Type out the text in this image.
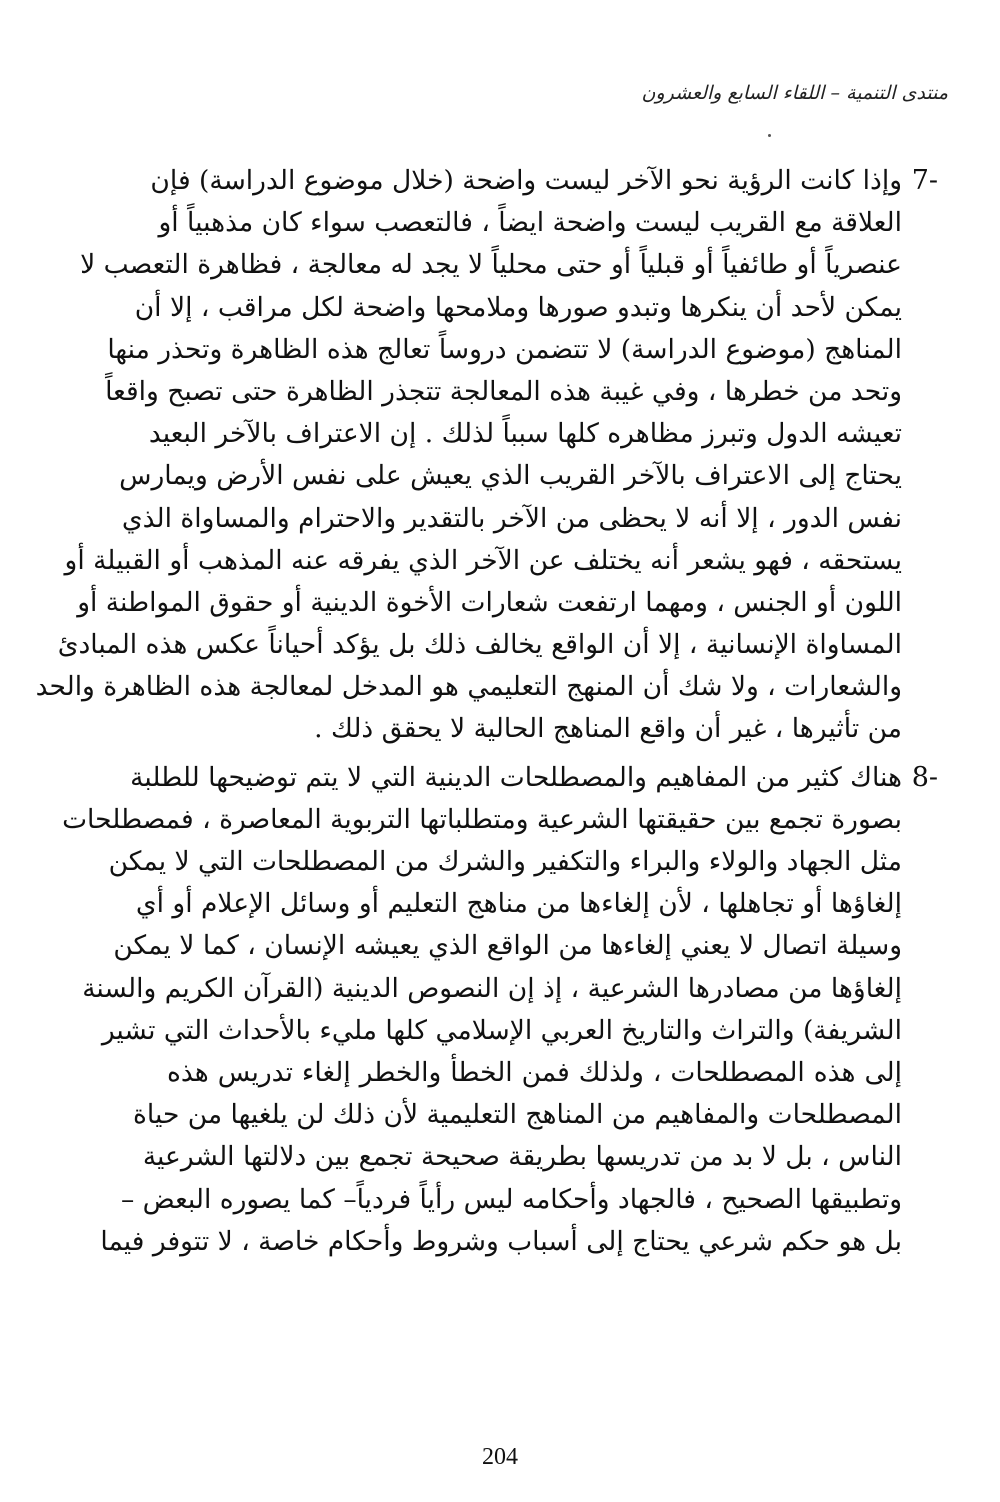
منتدى التنمية – اللقاء السابع والعشرون
7-
وإذا كانت الرؤية نحو الآخر ليست واضحة (خلال موضوع الدراسة) فإن
العلاقة مع القريب ليست واضحة ايضاً ، فالتعصب سواء كان مذهبياً أو
عنصرياً أو طائفياً أو قبلياً أو حتى محلياً لا يجد له معالجة ، فظاهرة التعصب لا
يمكن لأحد أن ينكرها وتبدو صورها وملامحها واضحة لكل مراقب ، إلا أن
المناهج (موضوع الدراسة) لا تتضمن دروساً تعالج هذه الظاهرة وتحذر منها
وتحد من خطرها ، وفي غيبة هذه المعالجة تتجذر الظاهرة حتى تصبح واقعاً
تعيشه الدول وتبرز مظاهره كلها سبباً لذلك . إن الاعتراف بالآخر البعيد
يحتاج إلى الاعتراف بالآخر القريب الذي يعيش على نفس الأرض ويمارس
نفس الدور ، إلا أنه لا يحظى من الآخر بالتقدير والاحترام والمساواة الذي
يستحقه ، فهو يشعر أنه يختلف عن الآخر الذي يفرقه عنه المذهب أو القبيلة أو
اللون أو الجنس ، ومهما ارتفعت شعارات الأخوة الدينية أو حقوق المواطنة أو
المساواة الإنسانية ، إلا أن الواقع يخالف ذلك بل يؤكد أحياناً عكس هذه المبادئ
والشعارات ، ولا شك أن المنهج التعليمي هو المدخل لمعالجة هذه الظاهرة والحد
من تأثيرها ، غير أن واقع المناهج الحالية لا يحقق ذلك .
8-
هناك كثير من المفاهيم والمصطلحات الدينية التي لا يتم توضيحها للطلبة
بصورة تجمع بين حقيقتها الشرعية ومتطلباتها التربوية المعاصرة ، فمصطلحات
مثل الجهاد والولاء والبراء والتكفير والشرك من المصطلحات التي لا يمكن
إلغاؤها أو تجاهلها ، لأن إلغاءها من مناهج التعليم أو وسائل الإعلام أو أي
وسيلة اتصال لا يعني إلغاءها من الواقع الذي يعيشه الإنسان ، كما لا يمكن
إلغاؤها من مصادرها الشرعية ، إذ إن النصوص الدينية (القرآن الكريم والسنة
الشريفة) والتراث والتاريخ العربي الإسلامي كلها مليء بالأحداث التي تشير
إلى هذه المصطلحات ، ولذلك فمن الخطأ والخطر إلغاء تدريس هذه
المصطلحات والمفاهيم من المناهج التعليمية لأن ذلك لن يلغيها من حياة
الناس ، بل لا بد من تدريسها بطريقة صحيحة تجمع بين دلالتها الشرعية
وتطبيقها الصحيح ، فالجهاد وأحكامه ليس رأياً فردياً– كما يصوره البعض –
بل هو حكم شرعي يحتاج إلى أسباب وشروط وأحكام خاصة ، لا تتوفر فيما
204
